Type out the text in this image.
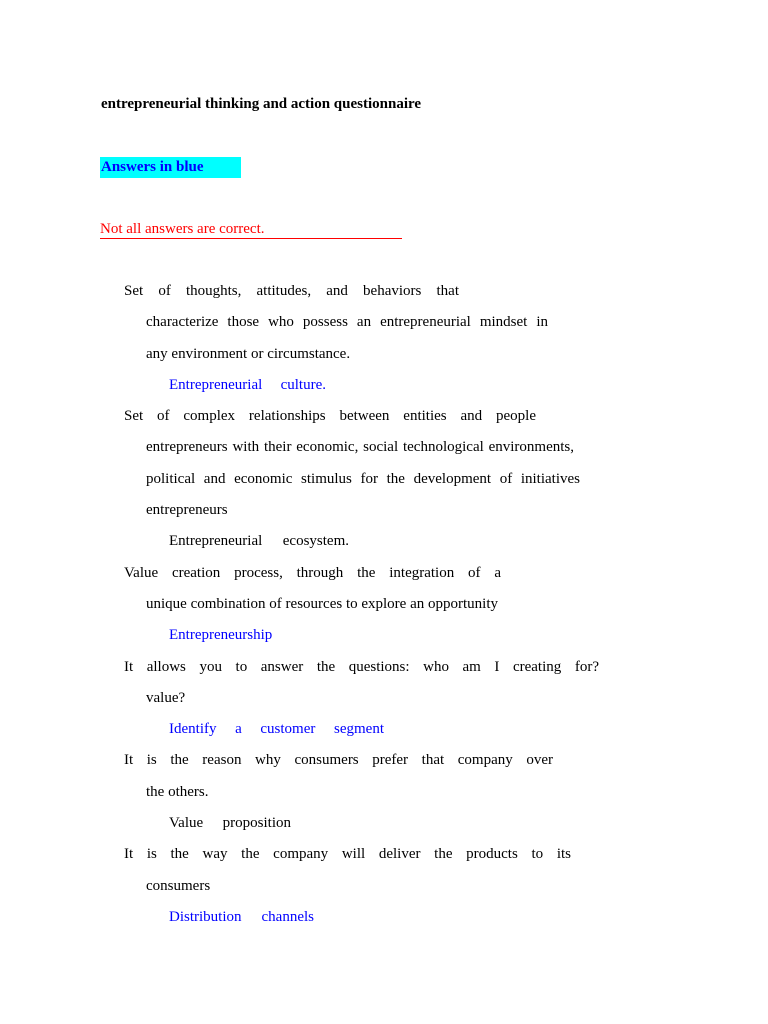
entrepreneurial thinking and action questionnaire
Answers in blue
Not all answers are correct.
Set of thoughts, attitudes, and behaviors that
characterize those who possess an entrepreneurial mindset in
any environment or circumstance.
Entrepreneurial culture.
Set of complex relationships between entities and people
entrepreneurs with their economic, social technological environments,
political and economic stimulus for the development of initiatives
entrepreneurs
Entrepreneurial ecosystem.
Value creation process, through the integration of a
unique combination of resources to explore an opportunity
Entrepreneurship
It allows you to answer the questions: who am I creating for?
value?
Identify a customer segment
It is the reason why consumers prefer that company over
the others.
Value proposition
It is the way the company will deliver the products to its
consumers
Distribution channels
